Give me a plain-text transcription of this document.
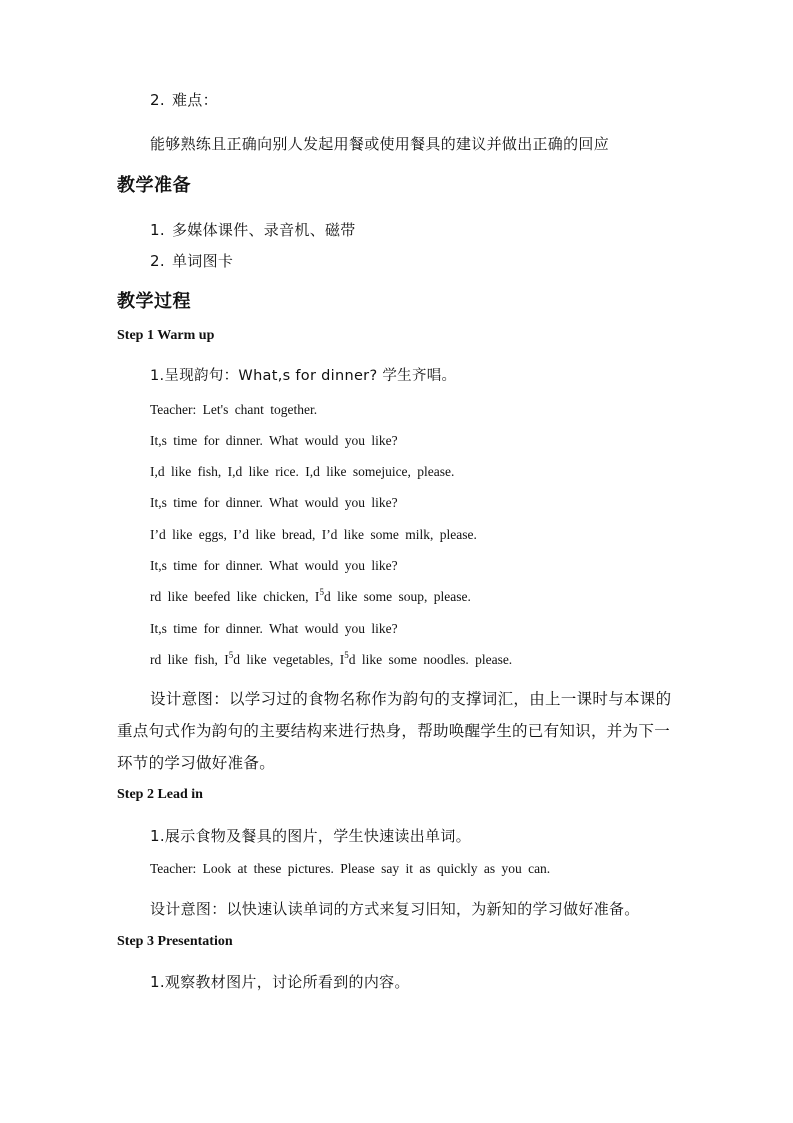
2. 难点：
能够熟练且正确向别人发起用餐或使用餐具的建议并做出正确的回应
教学准备
1. 多媒体课件、录音机、磁带
2. 单词图卡
教学过程
Step 1 Warm up
1.呈现韵句：What,s for dinner? 学生齐唱。
Teacher: Let's chant together.
It,s time for dinner. What would you like?
I,d like fish, I,d like rice. I,d like somejuice, please.
It,s time for dinner. What would you like?
I’d like eggs, I’d like bread, I’d like some milk, please.
It,s time for dinner. What would you like?
rd like beefed like chicken, $I^5d$ like some soup, please.
It,s time for dinner. What would you like?
rd like fish, $I^5d$ like vegetables, $I^5d$ like some noodles. please.
设计意图：以学习过的食物名称作为韵句的支撑词汇，由上一课时与本课的
重点句式作为韵句的主要结构来进行热身，帮助唤醒学生的已有知识，并为下一
环节的学习做好准备。
Step 2 Lead in
1.展示食物及餐具的图片，学生快速读出单词。
Teacher: Look at these pictures. Please say it as quickly as you can.
设计意图：以快速认读单词的方式来复习旧知，为新知的学习做好准备。
Step 3 Presentation
1.观察教材图片，讨论所看到的内容。
